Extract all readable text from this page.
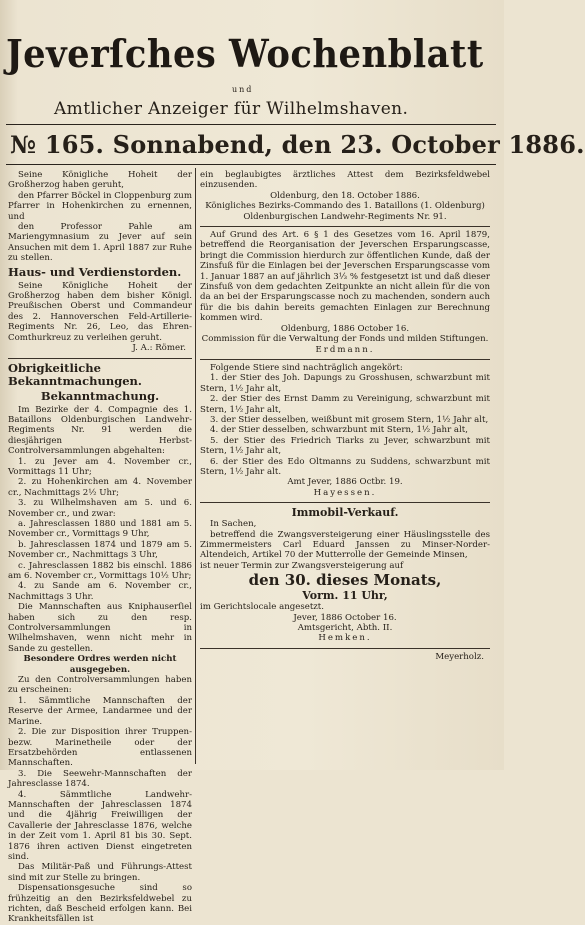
Jeverſches Wochenblatt
und
Amtlicher Anzeiger für Wilhelmshaven.
№ 165. Sonnabend, den 23. October 1886.

Seine Königliche Hoheit der Großherzog haben geruht,

den Pfarrer Böckel in Cloppenburg zum Pfarrer in Hohenkirchen zu ernennen, und

den Professor Pahle am Mariengymnasium zu Jever auf sein Ansuchen mit dem 1. April 1887 zur Ruhe zu stellen.

Haus- und Verdienstorden.

Seine Königliche Hoheit der Großherzog haben dem bisher Königl. Preußischen Oberst und Commandeur des 2. Hannoverschen Feld-Artillerie-Regiments Nr. 26, Leo, das Ehren-Comthurkreuz zu verleihen geruht.

J. A.: Römer.

Obrigkeitliche Bekanntmachungen.
Bekanntmachung.

Im Bezirke der 4. Compagnie des 1. Bataillons Oldenburgischen Landwehr-Regiments Nr. 91 werden die diesjährigen Herbst-Controlversammlungen abgehalten:

1. zu Jever am 4. November cr., Vormittags 11 Uhr;

2. zu Hohenkirchen am 4. November cr., Nachmittags 2½ Uhr;

3. zu Wilhelmshaven am 5. und 6. November cr., und zwar:

a. Jahresclassen 1880 und 1881 am 5. November cr., Vormittags 9 Uhr,

b. Jahresclassen 1874 und 1879 am 5. November cr., Nachmittags 3 Uhr,

c. Jahresclassen 1882 bis einschl. 1886 am 6. November cr., Vormittags 10½ Uhr;

4. zu Sande am 6. November cr., Nachmittags 3 Uhr.

Die Mannschaften aus Kniphauserſiel haben sich zu den resp. Controlversammlungen in Wilhelmshaven, wenn nicht mehr in Sande zu gestellen.

Besondere Ordres werden nicht ausgegeben.

Zu den Controlversammlungen haben zu erscheinen:

1. Sämmtliche Mannschaften der Reserve der Armee, Landarmee und der Marine.

2. Die zur Disposition ihrer Truppen- bezw. Marinetheile oder der Ersatzbehörden entlassenen Mannschaften.

3. Die Seewehr-Mannschaften der Jahresclasse 1874.

4. Sämmtliche Landwehr-Mannschaften der Jahresclassen 1874 und die 4jährig Freiwilligen der Cavallerie der Jahresclasse 1876, welche in der Zeit vom 1. April 81 bis 30. Sept. 1876 ihren activen Dienst eingetreten sind.

Das Militär-Paß und Führungs-Attest sind mit zur Stelle zu bringen.

Dispensationsgesuche sind so frühzeitig an den Bezirksfeldwebel zu richten, daß Bescheid erfolgen kann. Bei Krankheitsfällen ist

ein beglaubigtes ärztliches Attest dem Bezirksfeldwebel einzusenden.

Oldenburg, den 18. October 1886.

Königliches Bezirks-Commando des 1. Bataillons (1. Oldenburg) Oldenburgischen Landwehr-Regiments Nr. 91.

Auf Grund des Art. 6 § 1 des Gesetzes vom 16. April 1879, betreffend die Reorganisation der Jeverschen Ersparungscasse, bringt die Commission hierdurch zur öffentlichen Kunde, daß der Zinsfuß für die Einlagen bei der Jeverschen Ersparungscasse vom 1. Januar 1887 an auf jährlich 3⅓ % festgesetzt ist und daß dieser Zinsfuß von dem gedachten Zeitpunkte an nicht allein für die von da an bei der Ersparungscasse noch zu machenden, sondern auch für die bis dahin bereits gemachten Einlagen zur Berechnung kommen wird.

Oldenburg, 1886 October 16.

Commission für die Verwaltung der Fonds und milden Stiftungen.

Erdmann.

Folgende Stiere sind nachträglich angekört:

1. der Stier des Joh. Dapungs zu Grosshusen, schwarzbunt mit Stern, 1½ Jahr alt,

2. der Stier des Ernst Damm zu Vereinigung, schwarzbunt mit Stern, 1½ Jahr alt,

3. der Stier desselben, weißbunt mit grosem Stern, 1½ Jahr alt,

4. der Stier desselben, schwarzbunt mit Stern, 1½ Jahr alt,

5. der Stier des Friedrich Tiarks zu Jever, schwarzbunt mit Stern, 1½ Jahr alt,

6. der Stier des Edo Oltmanns zu Suddens, schwarzbunt mit Stern, 1½ Jahr alt.

Amt Jever, 1886 Octbr. 19.

Hayessen.

Immobil-Verkauf.

In Sachen,

betreffend die Zwangsversteigerung einer Häuslingsstelle des Zimmermeisters Carl Eduard Janssen zu Minser-Norder-Altendeich, Artikel 70 der Mutterrolle der Gemeinde Minsen,

ist neuer Termin zur Zwangsversteigerung auf

den 30. dieses Monats,
Vorm. 11 Uhr,

im Gerichtslocale angesetzt.

Jever, 1886 October 16.

Amtsgericht, Abth. II.

Hemken.

Meyerholz.
